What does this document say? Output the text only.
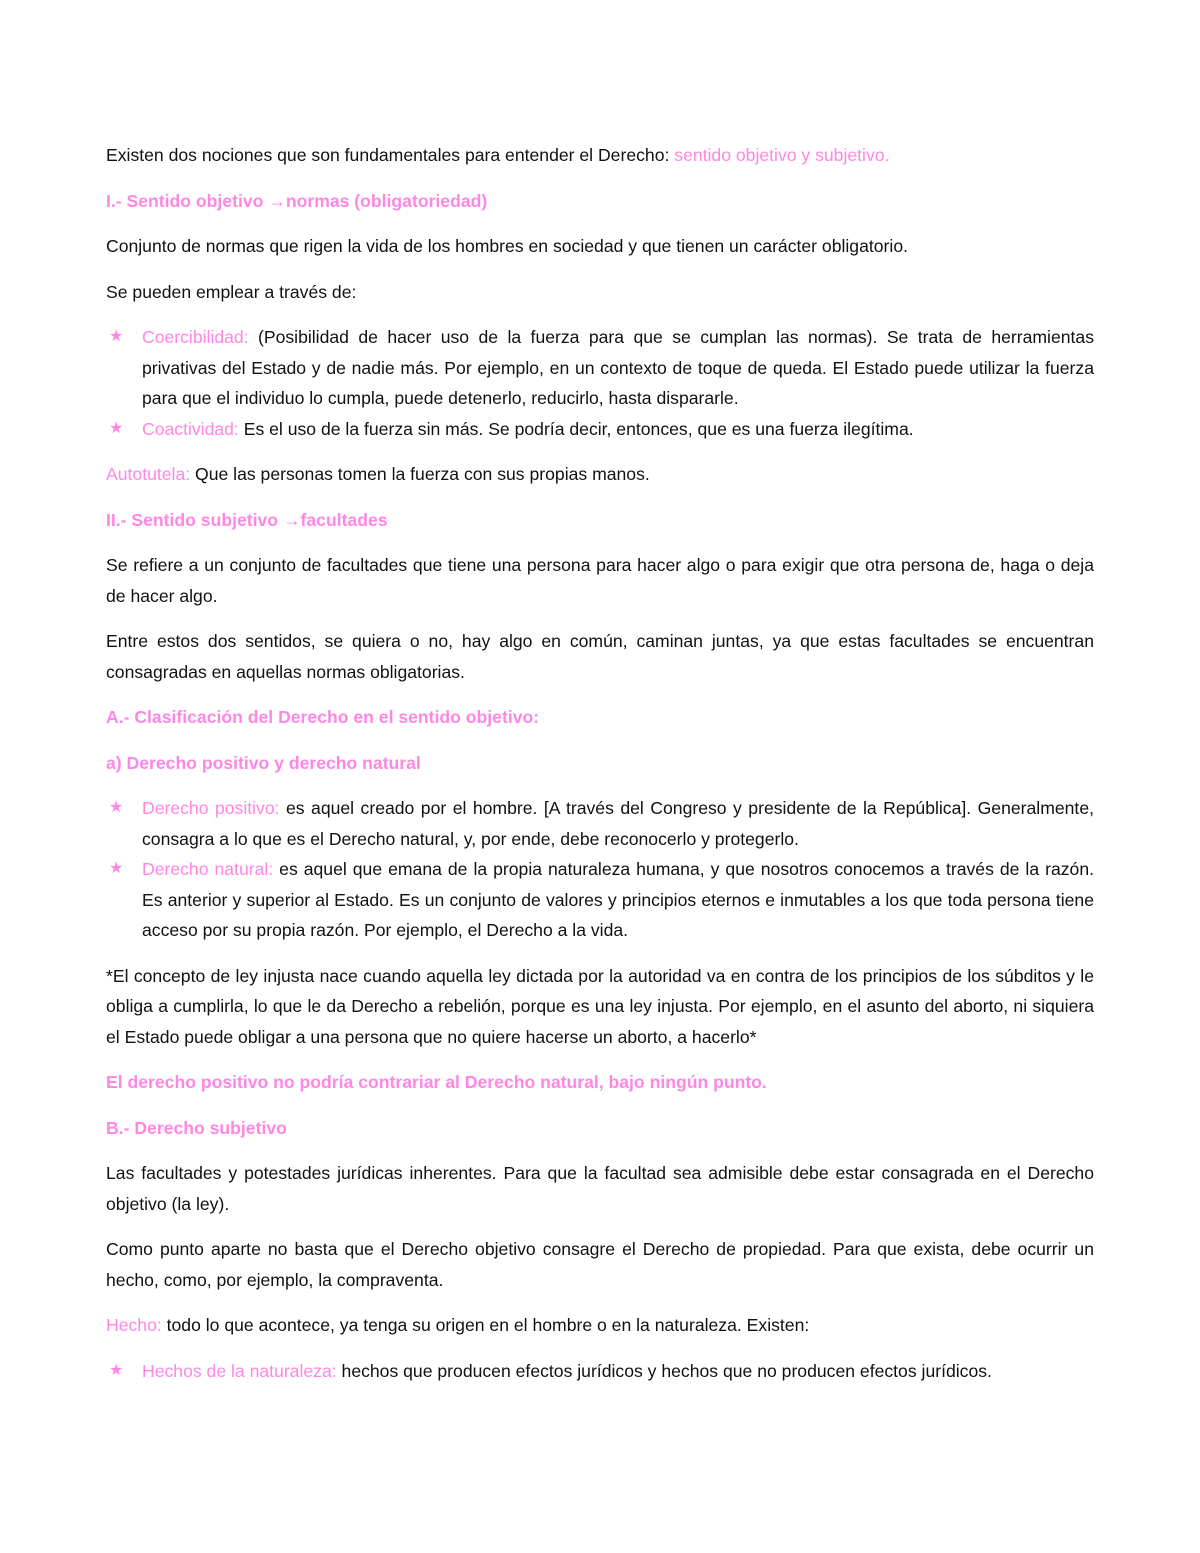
Existen dos nociones que son fundamentales para entender el Derecho: sentido objetivo y subjetivo.

I.- Sentido objetivo →normas (obligatoriedad)

Conjunto de normas que rigen la vida de los hombres en sociedad y que tienen un carácter obligatorio.

Se pueden emplear a través de:

★ Coercibilidad: (Posibilidad de hacer uso de la fuerza para que se cumplan las normas). Se trata de herramientas privativas del Estado y de nadie más. Por ejemplo, en un contexto de toque de queda. El Estado puede utilizar la fuerza para que el individuo lo cumpla, puede detenerlo, reducirlo, hasta dispararle.
★ Coactividad: Es el uso de la fuerza sin más. Se podría decir, entonces, que es una fuerza ilegítima.

Autotutela: Que las personas tomen la fuerza con sus propias manos.

II.- Sentido subjetivo →facultades

Se refiere a un conjunto de facultades que tiene una persona para hacer algo o para exigir que otra persona de, haga o deja de hacer algo.

Entre estos dos sentidos, se quiera o no, hay algo en común, caminan juntas, ya que estas facultades se encuentran consagradas en aquellas normas obligatorias.

A.- Clasificación del Derecho en el sentido objetivo:

a) Derecho positivo y derecho natural

★ Derecho positivo: es aquel creado por el hombre. [A través del Congreso y presidente de la República]. Generalmente, consagra a lo que es el Derecho natural, y, por ende, debe reconocerlo y protegerlo.
★ Derecho natural: es aquel que emana de la propia naturaleza humana, y que nosotros conocemos a través de la razón. Es anterior y superior al Estado. Es un conjunto de valores y principios eternos e inmutables a los que toda persona tiene acceso por su propia razón. Por ejemplo, el Derecho a la vida.

*El concepto de ley injusta nace cuando aquella ley dictada por la autoridad va en contra de los principios de los súbditos y le obliga a cumplirla, lo que le da Derecho a rebelión, porque es una ley injusta. Por ejemplo, en el asunto del aborto, ni siquiera el Estado puede obligar a una persona que no quiere hacerse un aborto, a hacerlo*

El derecho positivo no podría contrariar al Derecho natural, bajo ningún punto.

B.- Derecho subjetivo

Las facultades y potestades jurídicas inherentes. Para que la facultad sea admisible debe estar consagrada en el Derecho objetivo (la ley).

Como punto aparte no basta que el Derecho objetivo consagre el Derecho de propiedad. Para que exista, debe ocurrir un hecho, como, por ejemplo, la compraventa.

Hecho: todo lo que acontece, ya tenga su origen en el hombre o en la naturaleza. Existen:

★ Hechos de la naturaleza: hechos que producen efectos jurídicos y hechos que no producen efectos jurídicos.
